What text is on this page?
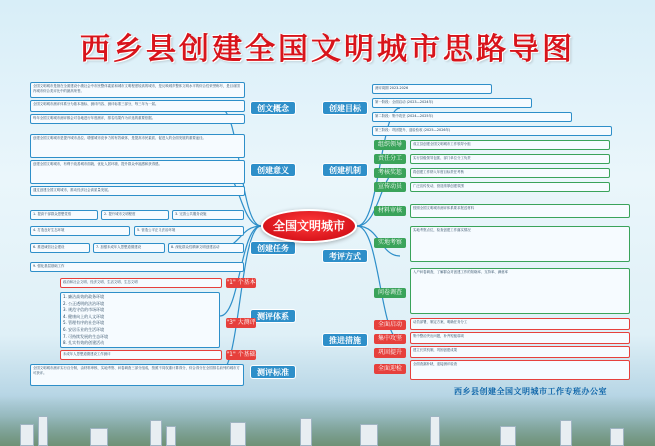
西乡县创建全国文明城市思路导图
创文概念
创建意义
创建任务
测评体系
测评标准
创建目标
创建机制
考评方式
推进措施
全国文明城市
全国文明城市是指在全面建设小康社会中市民整体素质和城市文明程度较高的城市，是反映城乡整体文明水平的综合性荣誉称号，是目前国内城市综合类评比中的最高荣誉。
全国文明城市测评体系分为基本指标、测评内容、测评标准三部分，每三年为一届。
每年全国文明城市测评都会对各地进行年度测评，排名结果作为评选的重要依据。
创建全国文明城市是提升城市品位、增强城市竞争力的有效载体，是提高市民素质、促进人的全面发展的重要途径。
创建全国文明城市，有利于改善城市面貌、优化人居环境、提升群众幸福感和获得感。
通过创建全国文明城市，推动经济社会高质量发展。
1. 提高干部群众思想觉悟	2. 提升城市文明程度	3. 完善公共服务设施
4. 打造良好生态环境	5. 营造公平正义法治环境
6. 推进诚信社会建设	7. 加强未成年人思想道德建设	8. 深化群众性精神文明创建活动
9. 强化基层基础工作
"1" 个基本
政治和社会文明、经济文明、生活文明、生态文明
"3" 大测评
1. 廉洁高效的政务环境
2. 公正透明的法治环境
3. 规范守信的市场环境
4. 健康向上的人文环境
5. 管理有序的社会环境
6. 安居乐业的生活环境
7. 可持续发展的生态环境
8. 扎实有效的创建活动
"1" 个基础
未成年人思想道德建设工作测评
全国文明城市测评实行百分制，由材料审核、实地考察、问卷调查三部分组成，按照不同权重计算得分，综合得分在全国排名前列的城市方可获评。
测评周期 2023-2026
第一阶段：全面启动 (2023—2024年)
第二阶段：集中攻坚 (2024—2025年)
第三阶段：巩固提升、迎检验收 (2025—2026年)
组织领导	成立县创建全国文明城市工作领导小组
责任分工	实行县级领导包抓、部门单位分工负责
考核奖惩	将创建工作纳入年度目标责任考核
宣传动员	广泛宣传发动，营造浓厚创建氛围
材料审核	按照全国文明城市测评体系要求报送材料
实地考察
实地考察点位，检查创建工作落实情况
问卷调查
入户问卷调查，了解群众对创建工作的知晓率、支持率、满意率
全面启动	动员部署，制定方案，明确任务分工
集中攻坚	集中整治突出问题，补齐短板弱项
巩固提升	建立长效机制，巩固创建成果
全面迎检
全面查漏补缺，迎接测评检查
西乡县创建全国文明城市工作专班办公室
